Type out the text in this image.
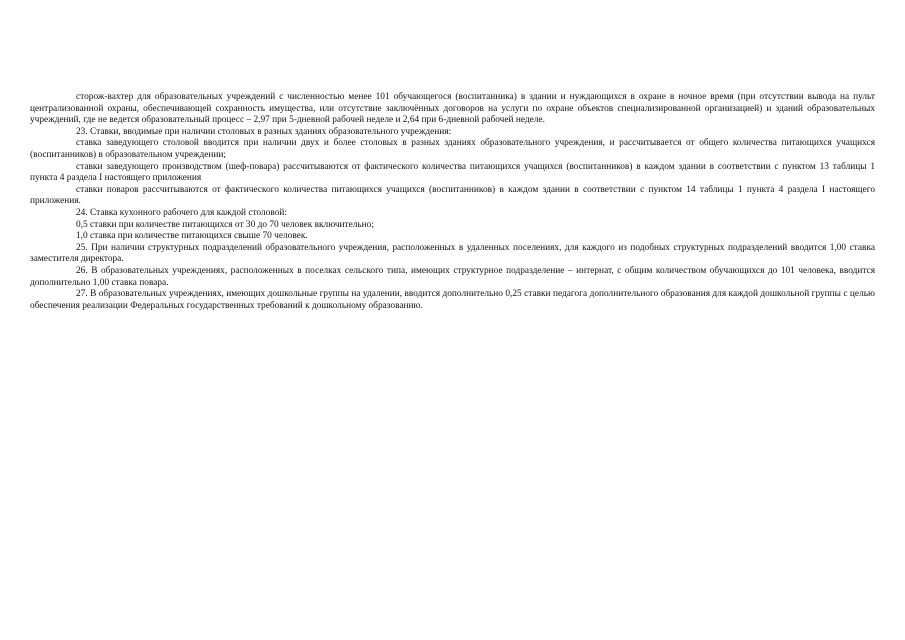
сторож-вахтер для образовательных учреждений с численностью менее 101 обучающегося (воспитанника) в здании и нуждающихся в охране в ночное время (при отсутствии вывода на пульт централизованной охраны, обеспечивающей сохранность имущества, или отсутствие заключённых договоров на услуги по охране объектов специализированной организацией) и зданий образовательных учреждений, где не ведется образовательный процесс – 2,97 при 5-дневной рабочей неделе и 2,64 при 6-дневной рабочей неделе.

23. Ставки, вводимые при наличии столовых в разных зданиях образовательного учреждения:

ставка заведующего столовой вводится при наличии двух и более столовых в разных зданиях образовательного учреждения, и рассчитывается от общего количества питающихся учащихся (воспитанников) в образовательном учреждении;

ставки заведующего производством (шеф-повара) рассчитываются от фактического количества питающихся учащихся (воспитанников) в каждом здании в соответствии с пунктом 13 таблицы 1 пункта 4 раздела I настоящего приложения

ставки поваров рассчитываются от фактического количества питающихся учащихся (воспитанников) в каждом здании в соответствии с пунктом 14 таблицы 1 пункта 4 раздела I настоящего приложения.

24. Ставка кухонного рабочего для каждой столовой:

0,5 ставки при количестве питающихся от 30 до 70 человек включительно;

1,0 ставка при количестве питающихся свыше 70 человек.

25. При наличии структурных подразделений образовательного учреждения, расположенных в удаленных поселениях, для каждого из подобных структурных подразделений вводится 1,00 ставка заместителя директора.

26. В образовательных учреждениях, расположенных в поселках сельского типа, имеющих структурное подразделение – интернат, с общим количеством обучающихся до 101 человека, вводится дополнительно 1,00 ставка повара.

27. В образовательных учреждениях, имеющих дошкольные группы на удалении, вводится дополнительно 0,25 ставки педагога дополнительного образования для каждой дошкольной группы с целью обеспечения реализации Федеральных государственных требований к дошкольному образованию.
